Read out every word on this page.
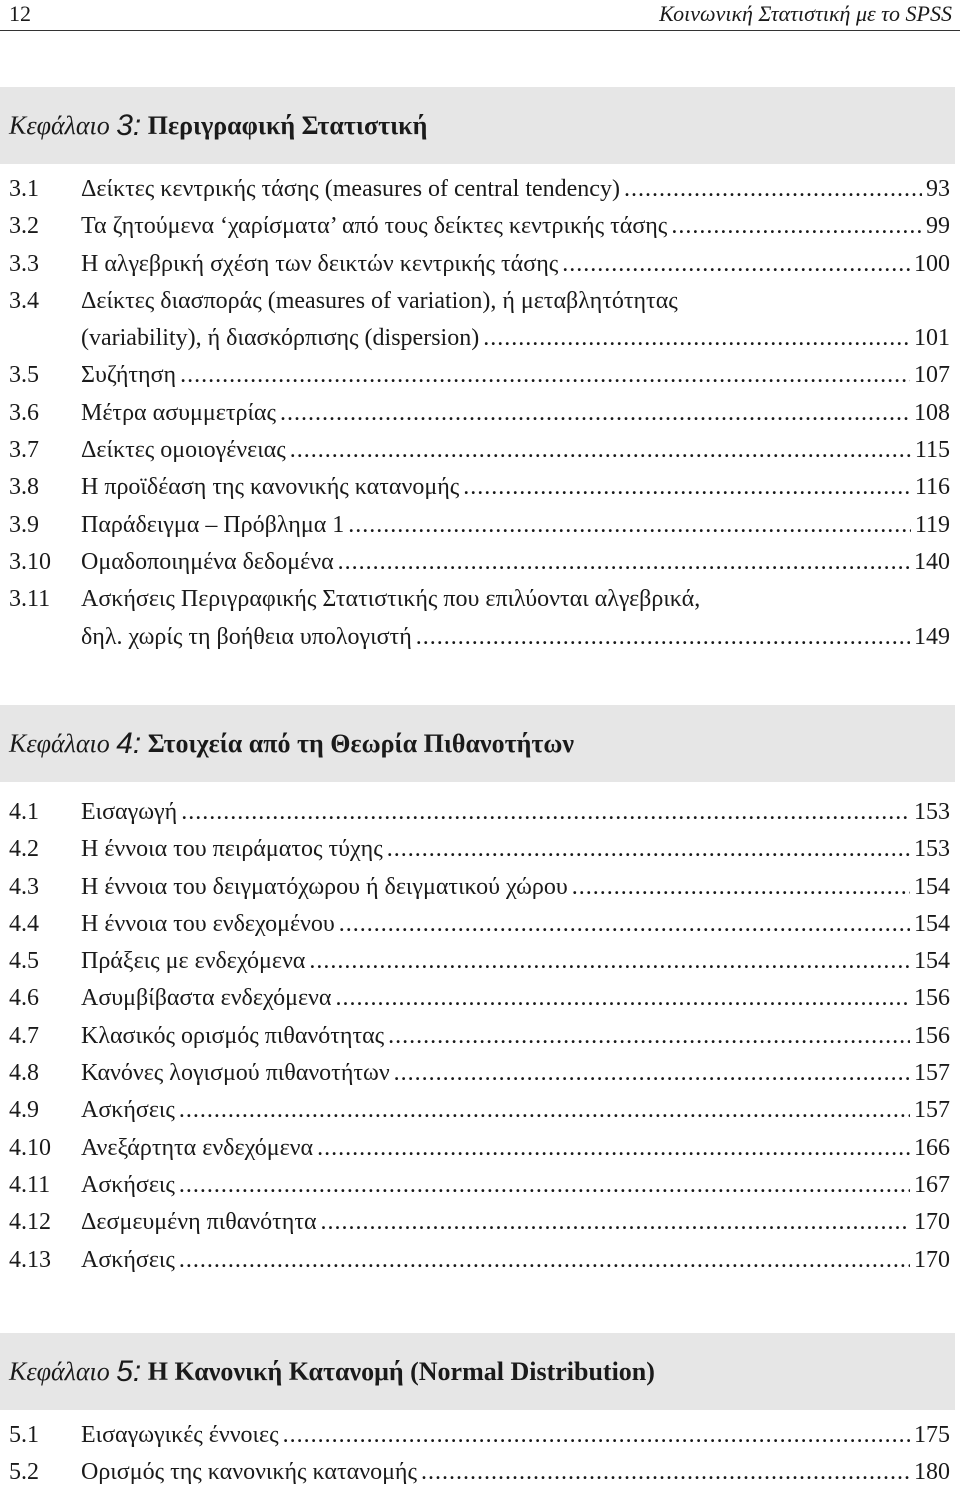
12	Κοινωνική Στατιστική με το SPSS
Κεφάλαιο
3:
Περιγραφική Στατιστική
3.1 Δείκτες κεντρικής τάσης (measures of central tendency) .....	93
3.2 Τα ζητούμενα ‘χαρίσματα’ από τους δείκτες κεντρικής τάσης .....	99
3.3 Η αλγεβρική σχέση των δεικτών κεντρικής τάσης .....	100
3.4 Δείκτες διασποράς (measures of variation), ή μεταβλητότητας
(variability), ή διασκόρπισης (dispersion) .....	101
3.5 Συζήτηση .....	107
3.6 Μέτρα ασυμμετρίας .....	108
3.7 Δείκτες ομοιογένειας .....	115
3.8 Η προϊδέαση της κανονικής κατανομής .....	116
3.9 Παράδειγμα – Πρόβλημα 1 .....	119
3.10 Ομαδοποιημένα δεδομένα .....	140
3.11 Ασκήσεις Περιγραφικής Στατιστικής που επιλύονται αλγεβρικά,
δηλ. χωρίς τη βοήθεια υπολογιστή .....	149
Κεφάλαιο
4:
Στοιχεία από τη Θεωρία Πιθανοτήτων
4.1 Εισαγωγή .....	153
4.2 Η έννοια του πειράματος τύχης .....	153
4.3 Η έννοια του δειγματόχωρου ή δειγματικού χώρου .....	154
4.4 Η έννοια του ενδεχομένου .....	154
4.5 Πράξεις με ενδεχόμενα .....	154
4.6 Ασυμβίβαστα ενδεχόμενα .....	156
4.7 Κλασικός ορισμός πιθανότητας .....	156
4.8 Κανόνες λογισμού πιθανοτήτων .....	157
4.9 Ασκήσεις .....	157
4.10 Ανεξάρτητα ενδεχόμενα .....	166
4.11 Ασκήσεις .....	167
4.12 Δεσμευμένη πιθανότητα .....	170
4.13 Ασκήσεις .....	170
Κεφάλαιο
5:
Η Κανονική Κατανομή (Normal Distribution)
5.1 Εισαγωγικές έννοιες .....	175
5.2 Ορισμός της κανονικής κατανομής .....	180
